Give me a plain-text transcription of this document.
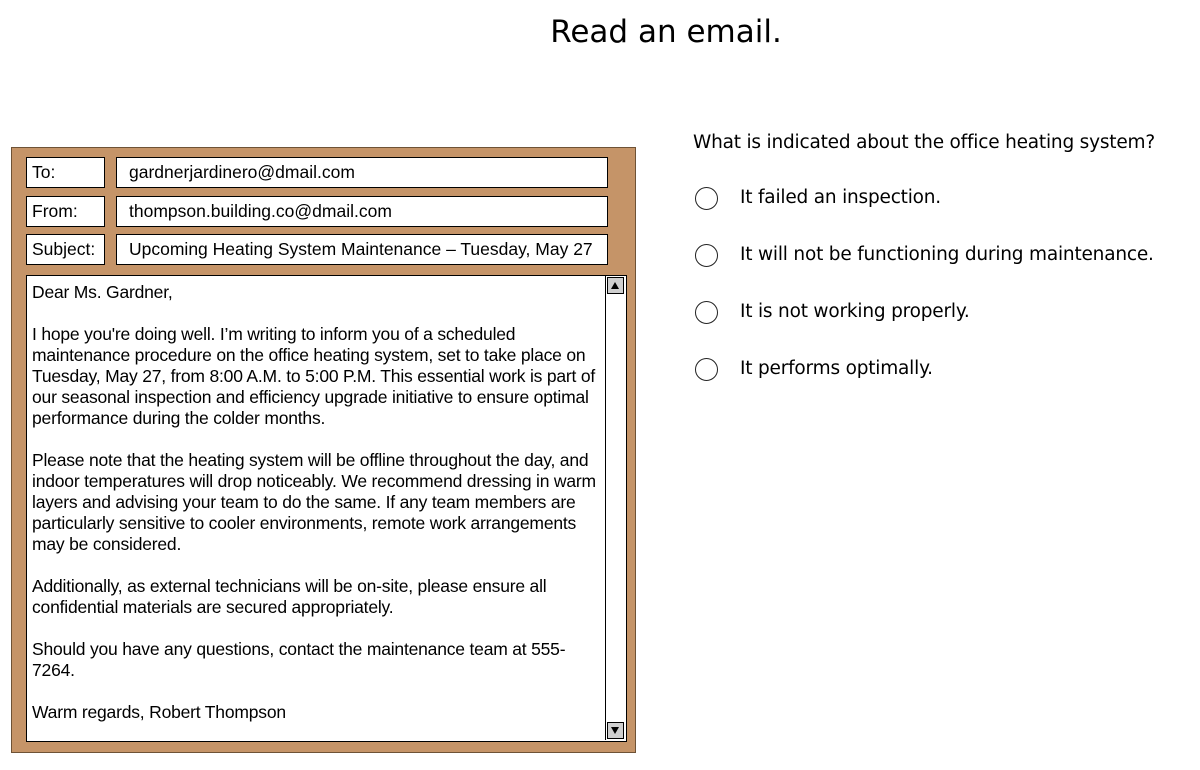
Read an email.
To:	gardnerjardinero@dmail.com
From:	thompson.building.co@dmail.com
Subject:	Upcoming Heating System Maintenance – Tuesday, May 27

Dear Ms. Gardner,

I hope you're doing well. I’m writing to inform you of a scheduled maintenance procedure on the office heating system, set to take place on Tuesday, May 27, from 8:00 A.M. to 5:00 P.M. This essential work is part of our seasonal inspection and efficiency upgrade initiative to ensure optimal performance during the colder months.

Please note that the heating system will be offline throughout the day, and indoor temperatures will drop noticeably. We recommend dressing in warm layers and advising your team to do the same. If any team members are particularly sensitive to cooler environments, remote work arrangements may be considered.

Additionally, as external technicians will be on-site, please ensure all confidential materials are secured appropriately.

Should you have any questions, contact the maintenance team at 555-7264.

Warm regards, Robert Thompson

What is indicated about the office heating system?

It failed an inspection.
It will not be functioning during maintenance.
It is not working properly.
It performs optimally.
